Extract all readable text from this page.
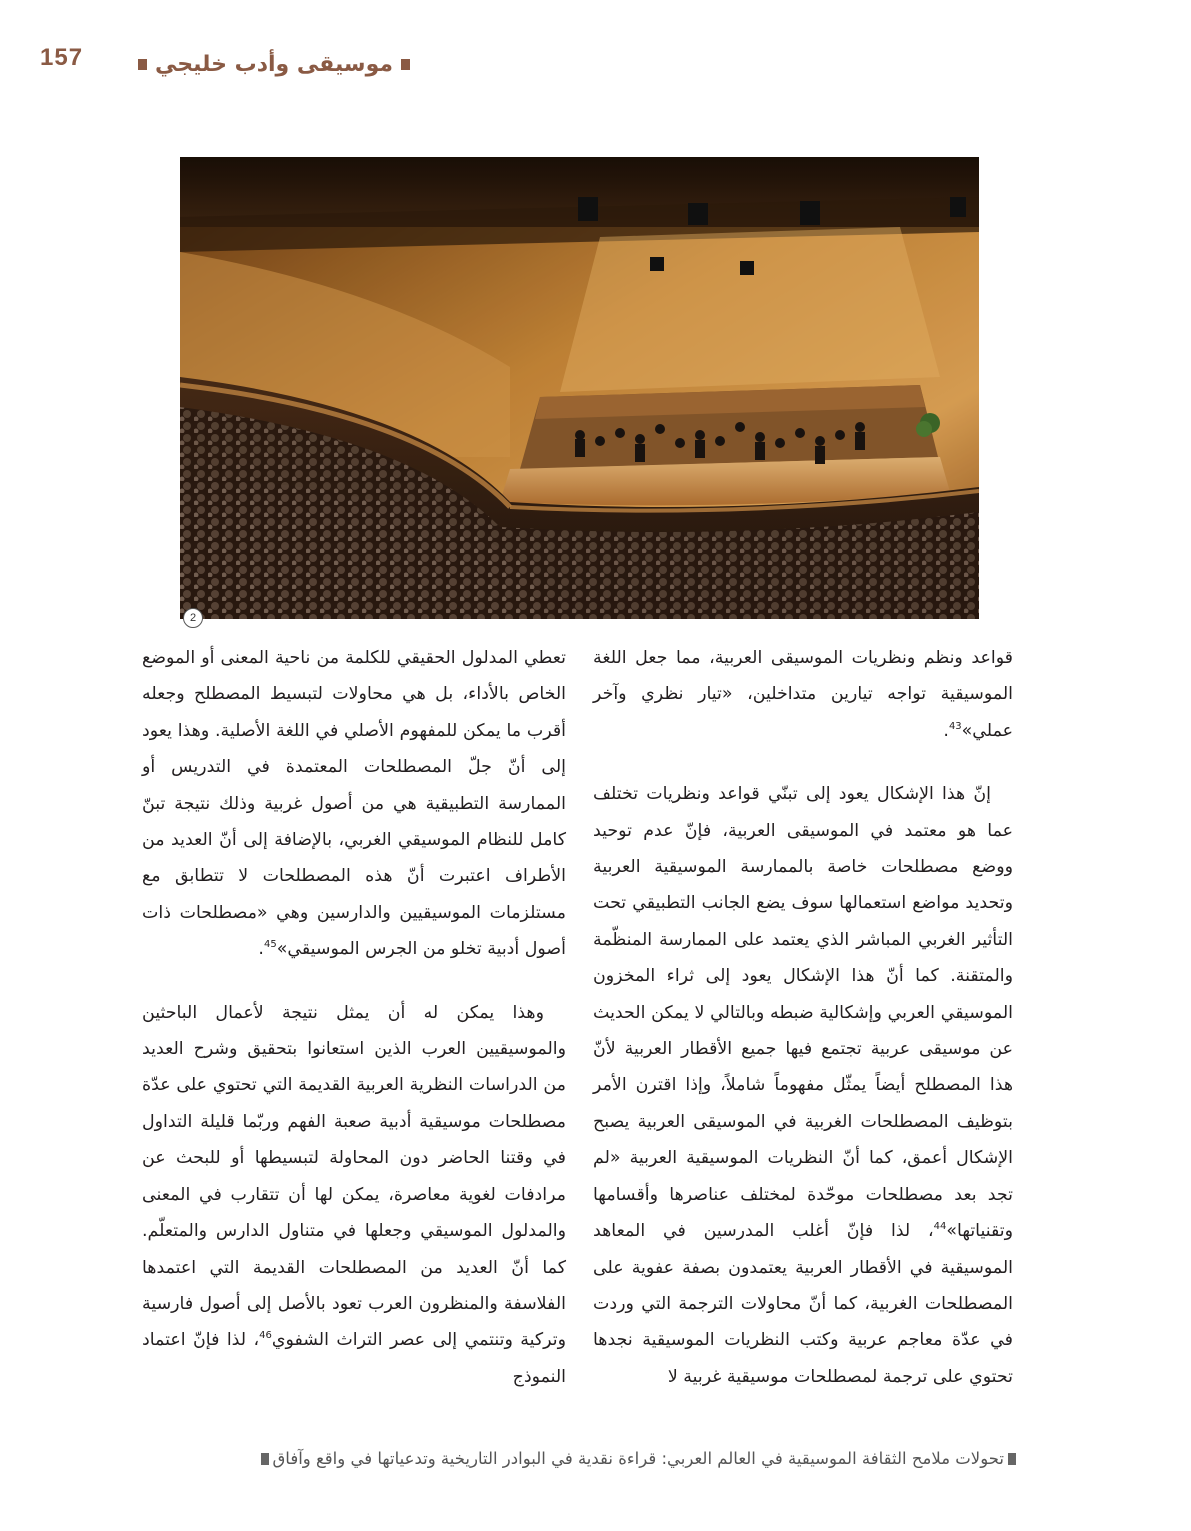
157	موسيقى وأدب خليجي
2

قواعد ونظم ونظريات الموسيقى العربية، مما جعل اللغة الموسيقية تواجه تيارين متداخلين، «تيار نظري وآخر عملي»$^{43}$.

إنّ هذا الإشكال يعود إلى تبنّي قواعد ونظريات تختلف عما هو معتمد في الموسيقى العربية، فإنّ عدم توحيد ووضع مصطلحات خاصة بالممارسة الموسيقية العربية وتحديد مواضع استعمالها سوف يضع الجانب التطبيقي تحت التأثير الغربي المباشر الذي يعتمد على الممارسة المنظّمة والمتقنة. كما أنّ هذا الإشكال يعود إلى ثراء المخزون الموسيقي العربي وإشكالية ضبطه وبالتالي لا يمكن الحديث عن موسيقى عربية تجتمع فيها جميع الأقطار العربية لأنّ هذا المصطلح أيضاً يمثّل مفهوماً شاملاً، وإذا اقترن الأمر بتوظيف المصطلحات الغربية في الموسيقى العربية يصبح الإشكال أعمق، كما أنّ النظريات الموسيقية العربية «لم تجد بعد مصطلحات موحّدة لمختلف عناصرها وأقسامها وتقنياتها»$^{44}$، لذا فإنّ أغلب المدرسين في المعاهد الموسيقية في الأقطار العربية يعتمدون بصفة عفوية على المصطلحات الغربية، كما أنّ محاولات الترجمة التي وردت في عدّة معاجم عربية وكتب النظريات الموسيقية نجدها تحتوي على ترجمة لمصطلحات موسيقية غربية لا

تعطي المدلول الحقيقي للكلمة من ناحية المعنى أو الموضع الخاص بالأداء، بل هي محاولات لتبسيط المصطلح وجعله أقرب ما يمكن للمفهوم الأصلي في اللغة الأصلية. وهذا يعود إلى أنّ جلّ المصطلحات المعتمدة في التدريس أو الممارسة التطبيقية هي من أصول غربية وذلك نتيجة تبنّ كامل للنظام الموسيقي الغربي، بالإضافة إلى أنّ العديد من الأطراف اعتبرت أنّ هذه المصطلحات لا تتطابق مع مستلزمات الموسيقيين والدارسين وهي «مصطلحات ذات أصول أدبية تخلو من الجرس الموسيقي»$^{45}$.

وهذا يمكن له أن يمثل نتيجة لأعمال الباحثين والموسيقيين العرب الذين استعانوا بتحقيق وشرح العديد من الدراسات النظرية العربية القديمة التي تحتوي على عدّة مصطلحات موسيقية أدبية صعبة الفهم وربّما قليلة التداول في وقتنا الحاضر دون المحاولة لتبسيطها أو للبحث عن مرادفات لغوية معاصرة، يمكن لها أن تتقارب في المعنى والمدلول الموسيقي وجعلها في متناول الدارس والمتعلّم. كما أنّ العديد من المصطلحات القديمة التي اعتمدها الفلاسفة والمنظرون العرب تعود بالأصل إلى أصول فارسية وتركية وتنتمي إلى عصر التراث الشفوي$^{46}$، لذا فإنّ اعتماد النموذج

تحولات ملامح الثقافة الموسيقية في العالم العربي: قراءة نقدية في البوادر التاريخية وتدعياتها في واقع وآفاق
